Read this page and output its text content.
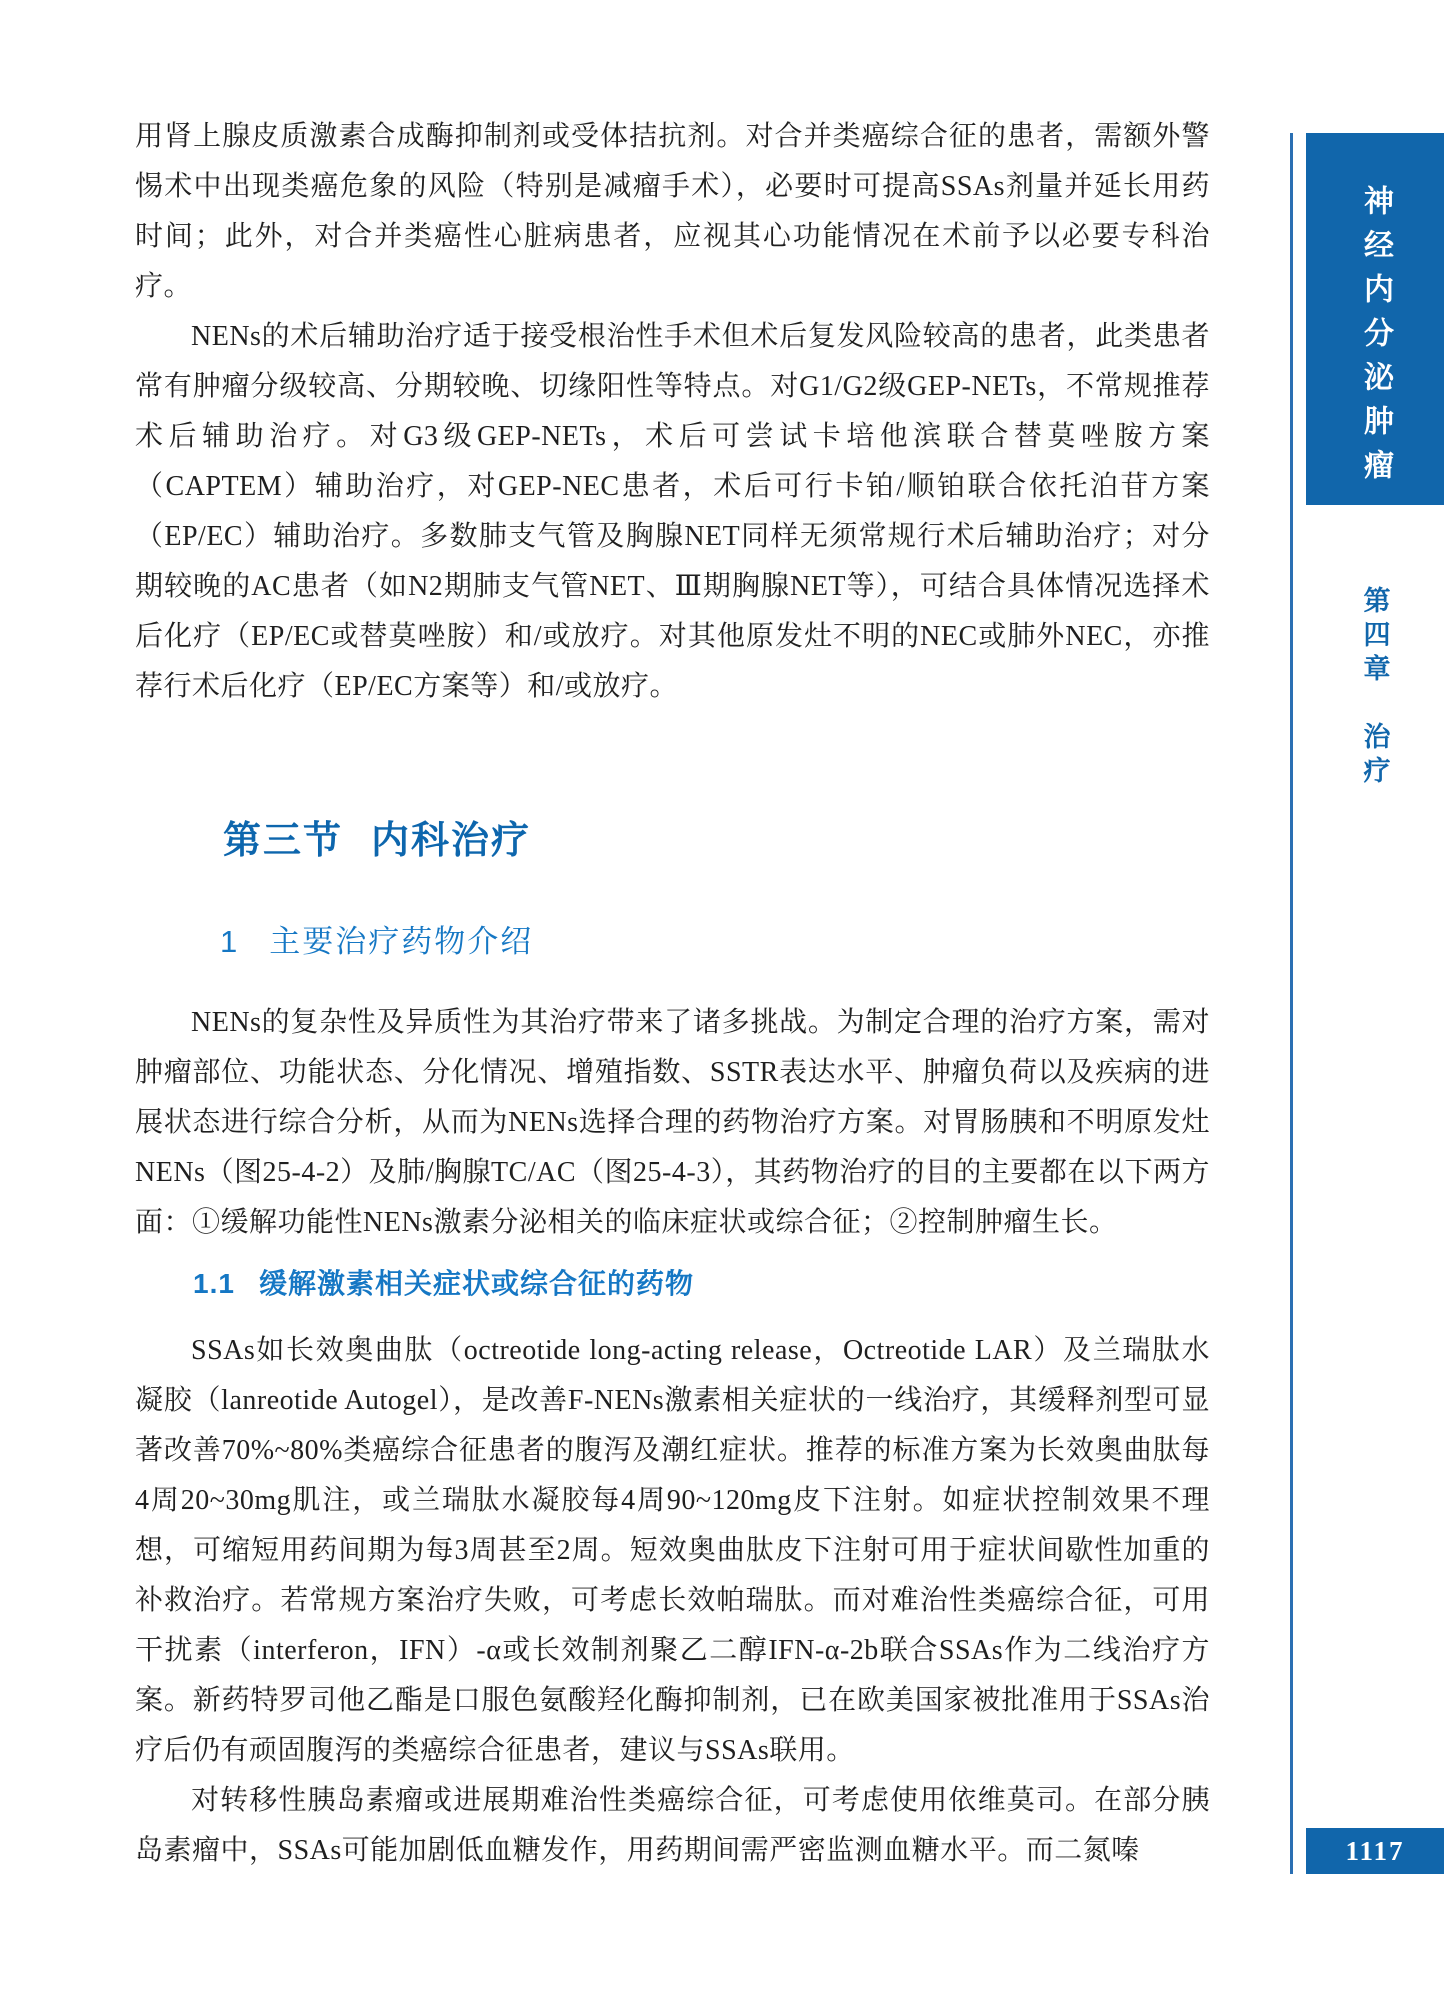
用肾上腺皮质激素合成酶抑制剂或受体拮抗剂。对合并类癌综合征的患者，需额外警惕术中出现类癌危象的风险（特别是减瘤手术），必要时可提高SSAs剂量并延长用药时间；此外，对合并类癌性心脏病患者，应视其心功能情况在术前予以必要专科治疗。

NENs的术后辅助治疗适于接受根治性手术但术后复发风险较高的患者，此类患者常有肿瘤分级较高、分期较晚、切缘阳性等特点。对G1/G2级GEP-NETs，不常规推荐术后辅助治疗。对G3级GEP-NETs，术后可尝试卡培他滨联合替莫唑胺方案（CAPTEM）辅助治疗，对GEP-NEC患者，术后可行卡铂/顺铂联合依托泊苷方案（EP/EC）辅助治疗。多数肺支气管及胸腺NET同样无须常规行术后辅助治疗；对分期较晚的AC患者（如N2期肺支气管NET、Ⅲ期胸腺NET等），可结合具体情况选择术后化疗（EP/EC或替莫唑胺）和/或放疗。对其他原发灶不明的NEC或肺外NEC，亦推荐行术后化疗（EP/EC方案等）和/或放疗。

第三节 内科治疗
1 主要治疗药物介绍

NENs的复杂性及异质性为其治疗带来了诸多挑战。为制定合理的治疗方案，需对肿瘤部位、功能状态、分化情况、增殖指数、SSTR表达水平、肿瘤负荷以及疾病的进展状态进行综合分析，从而为NENs选择合理的药物治疗方案。对胃肠胰和不明原发灶NENs（图25-4-2）及肺/胸腺TC/AC（图25-4-3），其药物治疗的目的主要都在以下两方面：①缓解功能性NENs激素分泌相关的临床症状或综合征；②控制肿瘤生长。

1.1 缓解激素相关症状或综合征的药物

SSAs如长效奥曲肽（octreotide long-acting release，Octreotide LAR）及兰瑞肽水凝胶（lanreotide Autogel），是改善F-NENs激素相关症状的一线治疗，其缓释剂型可显著改善70%~80%类癌综合征患者的腹泻及潮红症状。推荐的标准方案为长效奥曲肽每4周20~30mg肌注，或兰瑞肽水凝胶每4周90~120mg皮下注射。如症状控制效果不理想，可缩短用药间期为每3周甚至2周。短效奥曲肽皮下注射可用于症状间歇性加重的补救治疗。若常规方案治疗失败，可考虑长效帕瑞肽。而对难治性类癌综合征，可用干扰素（interferon，IFN）-α或长效制剂聚乙二醇IFN-α-2b联合SSAs作为二线治疗方案。新药特罗司他乙酯是口服色氨酸羟化酶抑制剂，已在欧美国家被批准用于SSAs治疗后仍有顽固腹泻的类癌综合征患者，建议与SSAs联用。

对转移性胰岛素瘤或进展期难治性类癌综合征，可考虑使用依维莫司。在部分胰岛素瘤中，SSAs可能加剧低血糖发作，用药期间需严密监测血糖水平。而二氮嗪

神经内分泌肿瘤
第四章　治疗
1117
